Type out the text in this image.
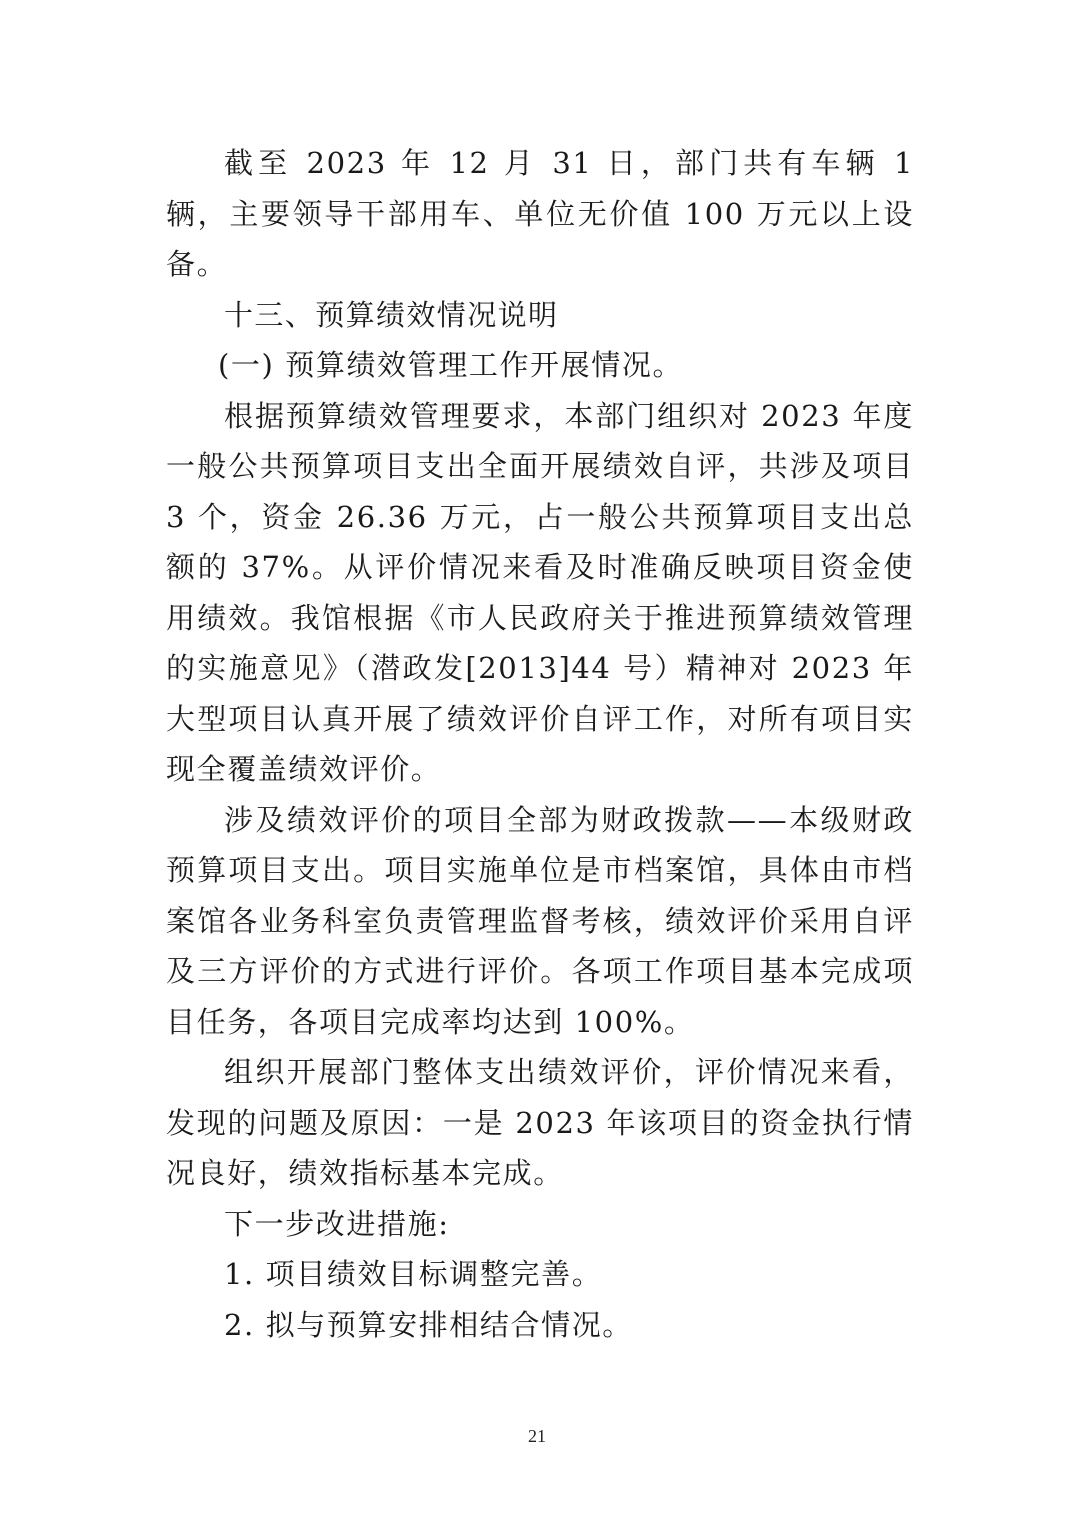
截至 2023 年 12 月 31 日，部门共有车辆 1 辆，主要领导干部用车、单位无价值 100 万元以上设备。

十三、预算绩效情况说明

(一) 预算绩效管理工作开展情况。

根据预算绩效管理要求，本部门组织对 2023 年度一般公共预算项目支出全面开展绩效自评，共涉及项目 3 个，资金 26.36 万元，占一般公共预算项目支出总额的 37%。从评价情况来看及时准确反映项目资金使用绩效。我馆根据《市人民政府关于推进预算绩效管理的实施意见》（潜政发[2013]44 号）精神对 2023 年大型项目认真开展了绩效评价自评工作，对所有项目实现全覆盖绩效评价。

涉及绩效评价的项目全部为财政拨款——本级财政预算项目支出。项目实施单位是市档案馆，具体由市档案馆各业务科室负责管理监督考核，绩效评价采用自评及三方评价的方式进行评价。各项工作项目基本完成项目任务，各项目完成率均达到 100%。

组织开展部门整体支出绩效评价，评价情况来看，发现的问题及原因：一是 2023 年该项目的资金执行情况良好，绩效指标基本完成。

下一步改进措施:

1. 项目绩效目标调整完善。

2. 拟与预算安排相结合情况。

21
